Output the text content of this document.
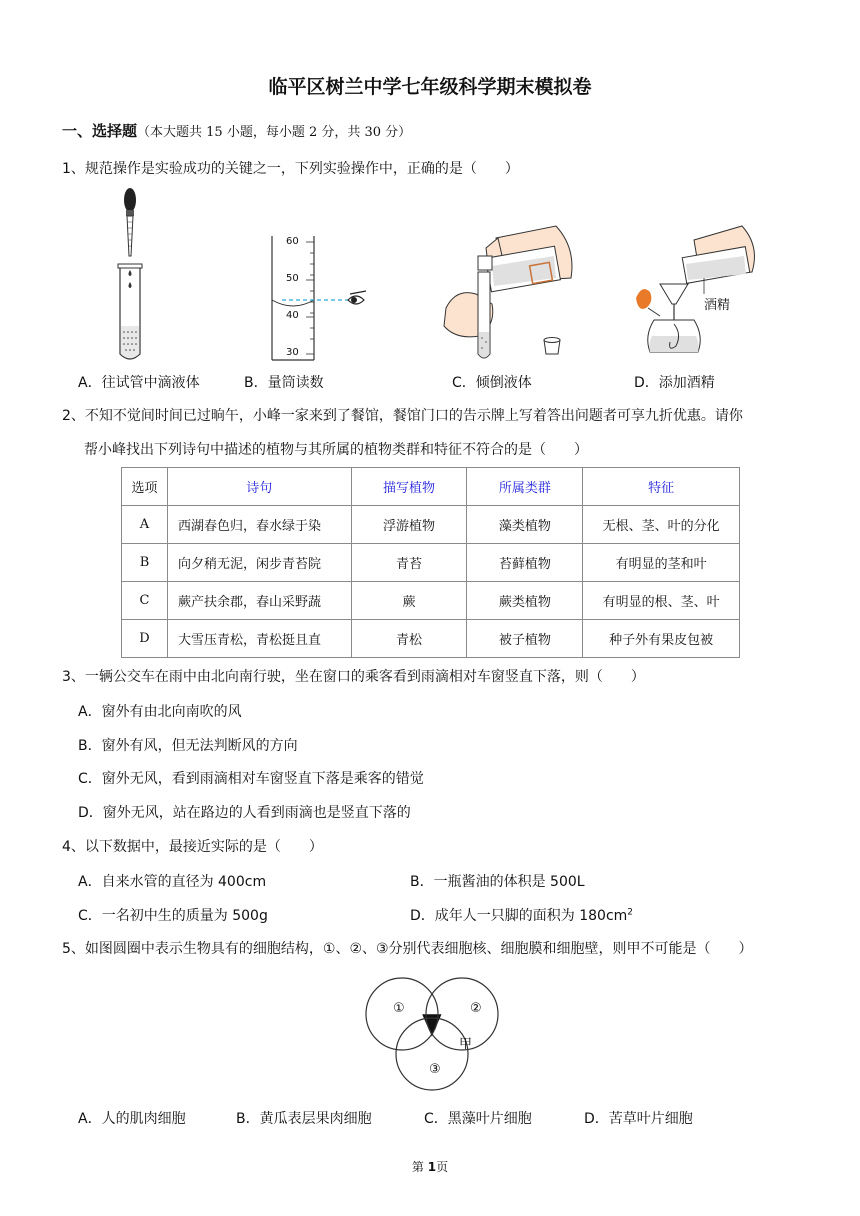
临平区树兰中学七年级科学期末模拟卷
一、选择题（本大题共 15 小题，每小题 2 分，共 30 分）
1、规范操作是实验成功的关键之一，下列实验操作中，正确的是（　　）
60
50
40
30
酒精
A．往试管中滴液体	B．量筒读数	C．倾倒液体	D．添加酒精
2、不知不觉间时间已过晌午，小峰一家来到了餐馆，餐馆门口的告示牌上写着答出问题者可享九折优惠。请你
帮小峰找出下列诗句中描述的植物与其所属的植物类群和特征不符合的是（　　）
选项	诗句	描写植物	所属类群	特征
A	西湖春色归，春水绿于染	浮游植物	藻类植物	无根、茎、叶的分化
B	向夕稍无泥，闲步青苔院	青苔	苔藓植物	有明显的茎和叶
C	蕨产扶余郡，春山采野蔬	蕨	蕨类植物	有明显的根、茎、叶
D	大雪压青松，青松挺且直	青松	被子植物	种子外有果皮包被
3、一辆公交车在雨中由北向南行驶，坐在窗口的乘客看到雨滴相对车窗竖直下落，则（　　）
A．窗外有由北向南吹的风
B．窗外有风，但无法判断风的方向
C．窗外无风，看到雨滴相对车窗竖直下落是乘客的错觉
D．窗外无风，站在路边的人看到雨滴也是竖直下落的
4、以下数据中，最接近实际的是（　　）
A．自来水管的直径为 400cm	B．一瓶酱油的体积是 500L
C．一名初中生的质量为 500g	D．成年人一只脚的面积为 $180cm^2$
5、如图圆圈中表示生物具有的细胞结构，①、②、③分别代表细胞核、细胞膜和细胞壁，则甲不可能是（　　）
①	②
③
甲
A．人的肌肉细胞	B．黄瓜表层果肉细胞	C．黑藻叶片细胞	D．苦草叶片细胞
第 1页
